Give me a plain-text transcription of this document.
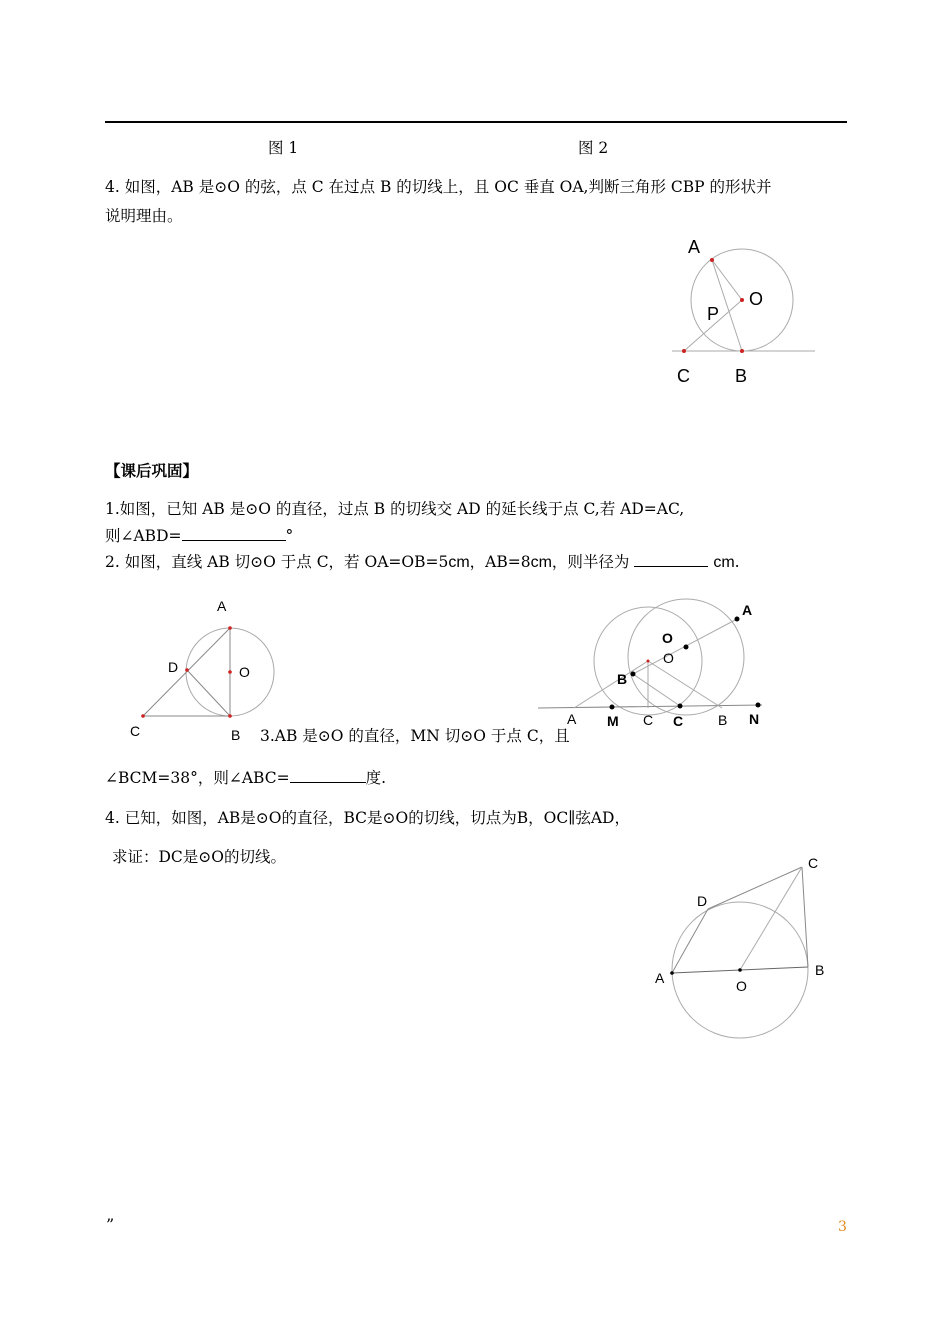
图 1	图 2
4. 如图，AB 是⊙O 的弦，点 C 在过点 B 的切线上，且 OC 垂直 OA,判断三角形 CBP 的形状并
说明理由。
A
O
P
C	B
【课后巩固】
1.如图，已知 AB 是⊙O 的直径，过点 B 的切线交 AD 的延长线于点 C,若 AD=AC,
则∠ABD=	°
2. 如图，直线 AB 切⊙O 于点 C，若 OA=OB=5cm，AB=8cm，则半径为	cm.
A
D	O
C	B 3.AB 是⊙O 的直径，MN 切⊙O 于点 C，且
A
O
O
B
A M C C B N
∠BCM=38°，则∠ABC=	度.
4. 已知，如图，AB是⊙O的直径，BC是⊙O的切线，切点为B，OC∥弦AD，
求证：DC是⊙O的切线。	C
D
A	O
B
”	3
